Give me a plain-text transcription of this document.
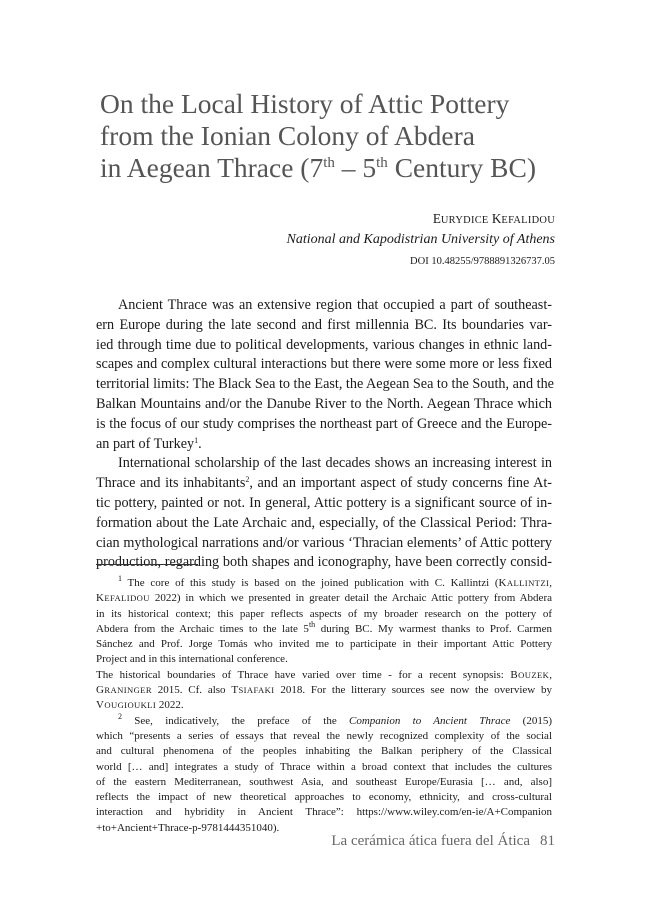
On the Local History of Attic Pottery
from the Ionian Colony of Abdera
in Aegean Thrace (7th – 5th Century BC)
EURYDICE KEFALIDOU
National and Kapodistrian University of Athens
DOI 10.48255/9788891326737.05
Ancient Thrace was an extensive region that occupied a part of southeast-
ern Europe during the late second and first millennia BC. Its boundaries var-
ied through time due to political developments, various changes in ethnic land-
scapes and complex cultural interactions but there were some more or less fixed
territorial limits: The Black Sea to the East, the Aegean Sea to the South, and the
Balkan Mountains and/or the Danube River to the North. Aegean Thrace which
is the focus of our study comprises the northeast part of Greece and the Europe-
an part of Turkey$^1$.
International scholarship of the last decades shows an increasing interest in
Thrace and its inhabitants$^2$, and an important aspect of study concerns fine At-
tic pottery, painted or not. In general, Attic pottery is a significant source of in-
formation about the Late Archaic and, especially, of the Classical Period: Thra-
cian mythological narrations and/or various ‘Thracian elements’ of Attic pottery
production, regarding both shapes and iconography, have been correctly consid-
$^1$ The core of this study is based on the joined publication with C. Kallintzi (KALLINTZI,
KEFALIDOU 2022) in which we presented in greater detail the Archaic Attic pottery from Abdera
in its historical context; this paper reflects aspects of my broader research on the pottery of
Abdera from the Archaic times to the late 5th during BC. My warmest thanks to Prof. Carmen
Sánchez and Prof. Jorge Tomás who invited me to participate in their important Attic Pottery
Project and in this international conference.
The historical boundaries of Thrace have varied over time - for a recent synopsis: BOUZEK,
GRANINGER 2015. Cf. also TSIAFAKI 2018. For the litterary sources see now the overview by
VOUGIOUKLI 2022.
$^2$ See, indicatively, the preface of the Companion to Ancient Thrace (2015)
which “presents a series of essays that reveal the newly recognized complexity of the social
and cultural phenomena of the peoples inhabiting the Balkan periphery of the Classical
world [… and] integrates a study of Thrace within a broad context that includes the cultures
of the eastern Mediterranean, southwest Asia, and southeast Europe/Eurasia [… and, also]
reflects the impact of new theoretical approaches to economy, ethnicity, and cross-cultural
interaction and hybridity in Ancient Thrace”: https://www.wiley.com/en-ie/A+Companion
+to+Ancient+Thrace-p-9781444351040).
La cerámica ática fuera del Ática 81
